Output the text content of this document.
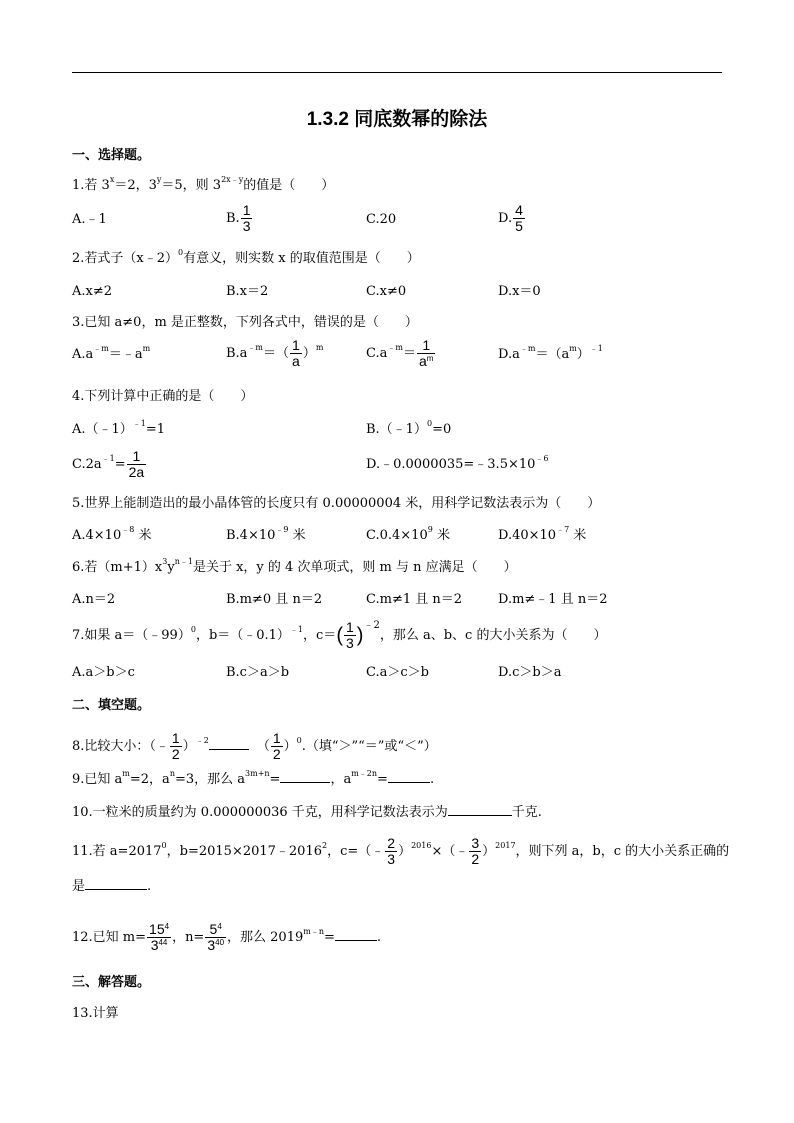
1.3.2 同底数幂的除法
一、选择题。
1.若 $3^x=2$，$3^y=5$，则 $3^{2x﹣y}$的值是（　　）
A.﹣1	B. $\frac{1}{3}$	C.20	D. $\frac{4}{5}$
2.若式子（x﹣2）$^0$有意义，则实数 x 的取值范围是（　　）
A.x≠2	B.x＝2	C.x≠0	D.x＝0
3.已知 a≠0，m 是正整数，下列各式中，错误的是（　　）
$A.a^{﹣m}=﹣a^m$	$B.a^{﹣m}=( \frac{1}{a} )^m$	$C.a^{﹣m}= \frac{1}{a^m}$	$D.a^{﹣m}=(a^m)^{﹣1}$
4.下列计算中正确的是（　　）
A.（﹣1）$^{﹣1}$=1	B.（﹣1）$^0$=0
$C.2a^{﹣1}= \frac{1}{2a}$	$D.﹣0.0000035=﹣3.5\times 10^{﹣6}$
5.世界上能制造出的最小晶体管的长度只有 0.00000004 米，用科学记数法表示为（　　）
$A.4\times 10^{﹣8}$ 米	$B.4\times 10^{﹣9}$ 米	$C.0.4\times 10^9$ 米	$D.40\times 10^{﹣7}$ 米
6.若$(m+1)x^3y^{n﹣1}$是关于 x，y 的 4 次单项式，则 m 与 n 应满足（　　）
A.n＝2	B.m≠0 且 n＝2	C.m≠1 且 n＝2	D.m≠﹣1 且 n＝2
7.如果 a＝（﹣99）$^0$，b＝（﹣0.1）$^{﹣1}$，$c=( \frac{1}{3} )^{﹣2}$，那么 a、b、c 的大小关系为（　　）
A.a＞b＞c	B.c＞a＞b	C.a＞c＞b	D.c＞b＞a
二、填空题。
8.比较大小：（﹣ $\frac{1}{2} )^{﹣2}$	（ $\frac{1}{2} )^0$.（填“＞”“＝”或“＜”）
9.已知 $a^m=2$，$a^n=3$，那么 $a^{3m+n}=$	，$a^{m﹣2n}=$	.
10.一粒米的质量约为 0.000000036 千克，用科学记数法表示为	千克.
11.若 $a=2017^0$，$b=2015\times 2017﹣2016^2$，c=（﹣ $\frac{2}{3}$ ）$^{2016}$×（﹣ $\frac{3}{2} )^{2017}$，则下列 a，b，c 的大小关系正确的
是	.
12.已知 $m= \frac{15^4}{3^{44}}$ ，$n= \frac{5^4}{3^{40}}$ ，那么 $2019^{m﹣n}=$	.
三、解答题。
13.计算
